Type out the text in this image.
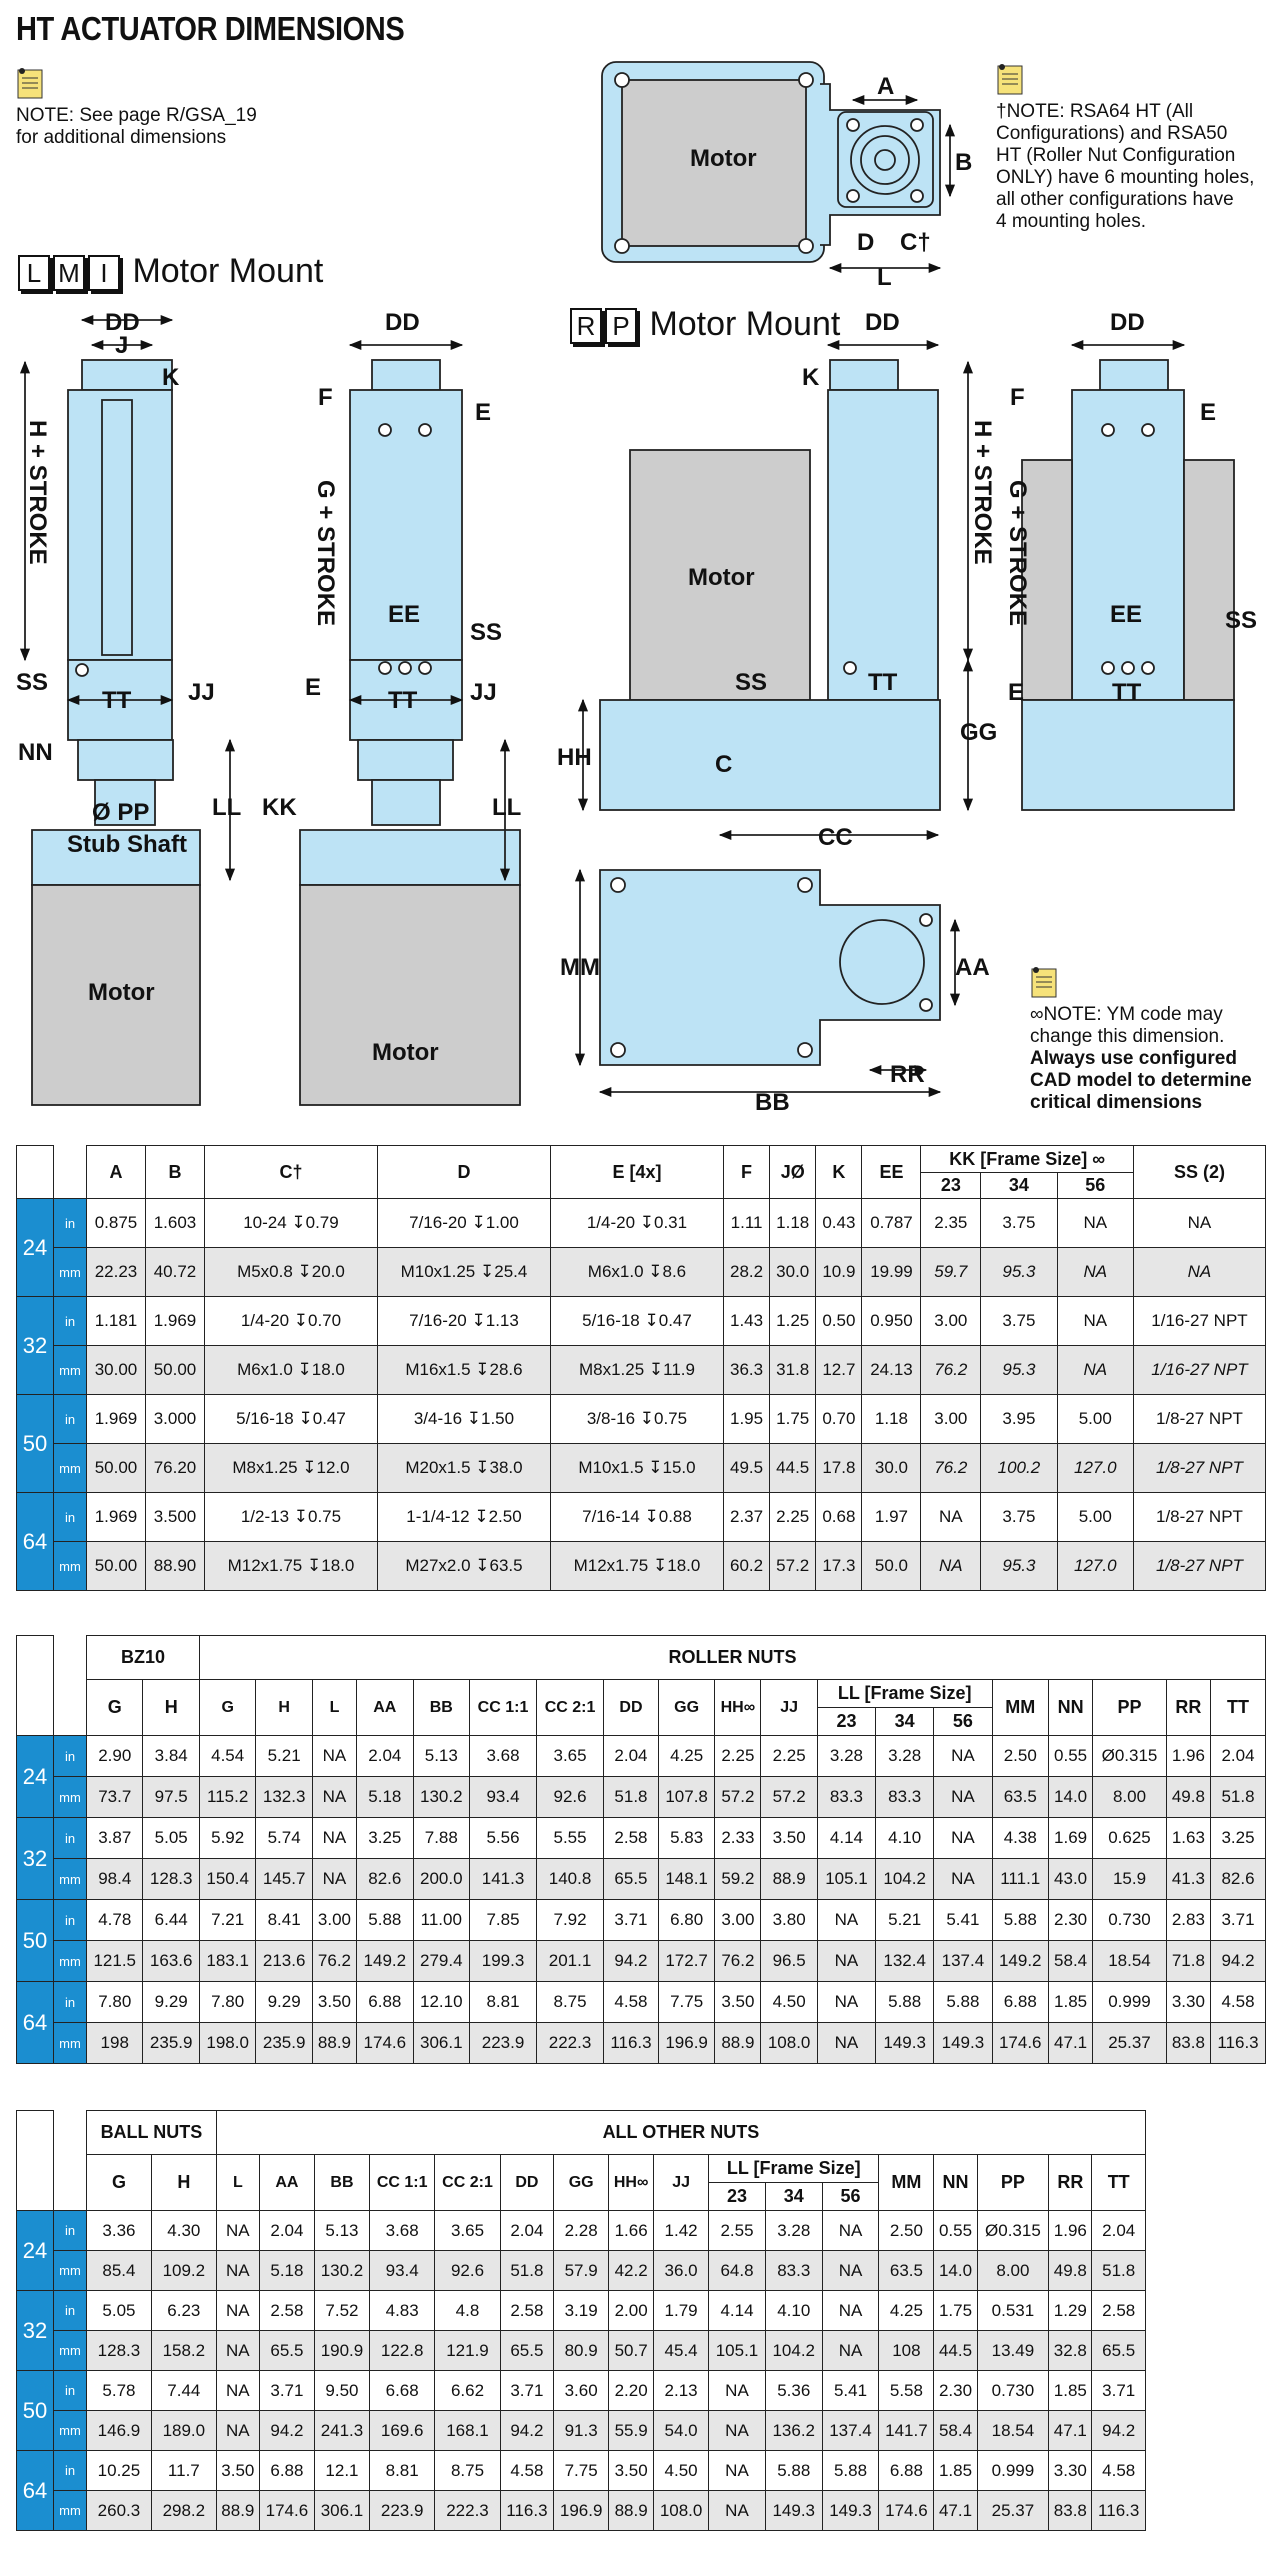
HT ACTUATOR DIMENSIONS
NOTE: See page R/GSA_19
for additional dimensions
†NOTE: RSA64 HT (All
Configurations) and RSA50
HT (Roller Nut Configuration
ONLY) have 6 mounting holes,
all other configurations have
4 mounting holes.
∞NOTE: YM code may
change this dimension.
Always use configured
CAD model to determine
critical dimensions
L M I Motor Mount
R P Motor Mount
Motor
A
B
D C†
L
DD
J
K
SS
TT JJ
NN
Ø PP
Stub Shaft
LL
Motor
DD
F
E
EE
SS
E	TT JJ
KK	LL
Motor
Motor
DD
K
SS	TT
HH	C
GG
CC
DD
F
E
EE	SS
E	TT
MM	AA
RR
BB
H + STROKE	G + STROKE	H + STROKE G + STROKE
Size		A	B	C†	D	E [4x]	F	JØ	K	EE	KK [Frame Size] ∞			SS (2)
											23	34	56	
24	in	0.875	1.603	10-24 ↧0.79	7/16-20 ↧1.00	1/4-20 ↧0.31	1.11	1.18	0.43	0.787	2.35	3.75	NA	NA
	mm	22.23	40.72	M5x0.8 ↧20.0	M10x1.25 ↧25.4	M6x1.0 ↧8.6	28.2	30.0	10.9	19.99	59.7	95.3	NA	NA
32	in	1.181	1.969	1/4-20 ↧0.70	7/16-20 ↧1.13	5/16-18 ↧0.47	1.43	1.25	0.50	0.950	3.00	3.75	NA	1/16-27 NPT
	mm	30.00	50.00	M6x1.0 ↧18.0	M16x1.5 ↧28.6	M8x1.25 ↧11.9	36.3	31.8	12.7	24.13	76.2	95.3	NA	1/16-27 NPT
50	in	1.969	3.000	5/16-18 ↧0.47	3/4-16 ↧1.50	3/8-16 ↧0.75	1.95	1.75	0.70	1.18	3.00	3.95	5.00	1/8-27 NPT
	mm	50.00	76.20	M8x1.25 ↧12.0	M20x1.5 ↧38.0	M10x1.5 ↧15.0	49.5	44.5	17.8	30.0	76.2	100.2	127.0	1/8-27 NPT
64	in	1.969	3.500	1/2-13 ↧0.75	1-1/4-12 ↧2.50	7/16-14 ↧0.88	2.37	2.25	0.68	1.97	NA	3.75	5.00	1/8-27 NPT
	mm	50.00	88.90	M12x1.75 ↧18.0	M27x2.0 ↧63.5	M12x1.75 ↧18.0	60.2	57.2	17.3	50.0	NA	95.3	127.0	1/8-27 NPT
Size		BZ10		ROLLER NUTS																		
		G	H	G	H	L	AA	BB	CC 1:1	CC 2:1	DD	GG	HH∞	JJ	LL [Frame Size]			MM	NN	PP	RR	TT
															23	34	56					
24	in	2.90	3.84	4.54	5.21	NA	2.04	5.13	3.68	3.65	2.04	4.25	2.25	2.25	3.28	3.28	NA	2.50	0.55	Ø0.315	1.96	2.04
	mm	73.7	97.5	115.2	132.3	NA	5.18	130.2	93.4	92.6	51.8	107.8	57.2	57.2	83.3	83.3	NA	63.5	14.0	8.00	49.8	51.8
32	in	3.87	5.05	5.92	5.74	NA	3.25	7.88	5.56	5.55	2.58	5.83	2.33	3.50	4.14	4.10	NA	4.38	1.69	0.625	1.63	3.25
	mm	98.4	128.3	150.4	145.7	NA	82.6	200.0	141.3	140.8	65.5	148.1	59.2	88.9	105.1	104.2	NA	111.1	43.0	15.9	41.3	82.6
50	in	4.78	6.44	7.21	8.41	3.00	5.88	11.00	7.85	7.92	3.71	6.80	3.00	3.80	NA	5.21	5.41	5.88	2.30	0.730	2.83	3.71
	mm	121.5	163.6	183.1	213.6	76.2	149.2	279.4	199.3	201.1	94.2	172.7	76.2	96.5	NA	132.4	137.4	149.2	58.4	18.54	71.8	94.2
64	in	7.80	9.29	7.80	9.29	3.50	6.88	12.10	8.81	8.75	4.58	7.75	3.50	4.50	NA	5.88	5.88	6.88	1.85	0.999	3.30	4.58
	mm	198	235.9	198.0	235.9	88.9	174.6	306.1	223.9	222.3	116.3	196.9	88.9	108.0	NA	149.3	149.3	174.6	47.1	25.37	83.8	116.3
Size		BALL NUTS		ALL OTHER NUTS																
		G	H	L	AA	BB	CC 1:1	CC 2:1	DD	GG	HH∞	JJ	LL [Frame Size]			MM	NN	PP	RR	TT
													23	34	56					
24	in	3.36	4.30	NA	2.04	5.13	3.68	3.65	2.04	2.28	1.66	1.42	2.55	3.28	NA	2.50	0.55	Ø0.315	1.96	2.04
	mm	85.4	109.2	NA	5.18	130.2	93.4	92.6	51.8	57.9	42.2	36.0	64.8	83.3	NA	63.5	14.0	8.00	49.8	51.8
32	in	5.05	6.23	NA	2.58	7.52	4.83	4.8	2.58	3.19	2.00	1.79	4.14	4.10	NA	4.25	1.75	0.531	1.29	2.58
	mm	128.3	158.2	NA	65.5	190.9	122.8	121.9	65.5	80.9	50.7	45.4	105.1	104.2	NA	108	44.5	13.49	32.8	65.5
50	in	5.78	7.44	NA	3.71	9.50	6.68	6.62	3.71	3.60	2.20	2.13	NA	5.36	5.41	5.58	2.30	0.730	1.85	3.71
	mm	146.9	189.0	NA	94.2	241.3	169.6	168.1	94.2	91.3	55.9	54.0	NA	136.2	137.4	141.7	58.4	18.54	47.1	94.2
64	in	10.25	11.7	3.50	6.88	12.1	8.81	8.75	4.58	7.75	3.50	4.50	NA	5.88	5.88	6.88	1.85	0.999	3.30	4.58
	mm	260.3	298.2	88.9	174.6	306.1	223.9	222.3	116.3	196.9	88.9	108.0	NA	149.3	149.3	174.6	47.1	25.37	83.8	116.3
